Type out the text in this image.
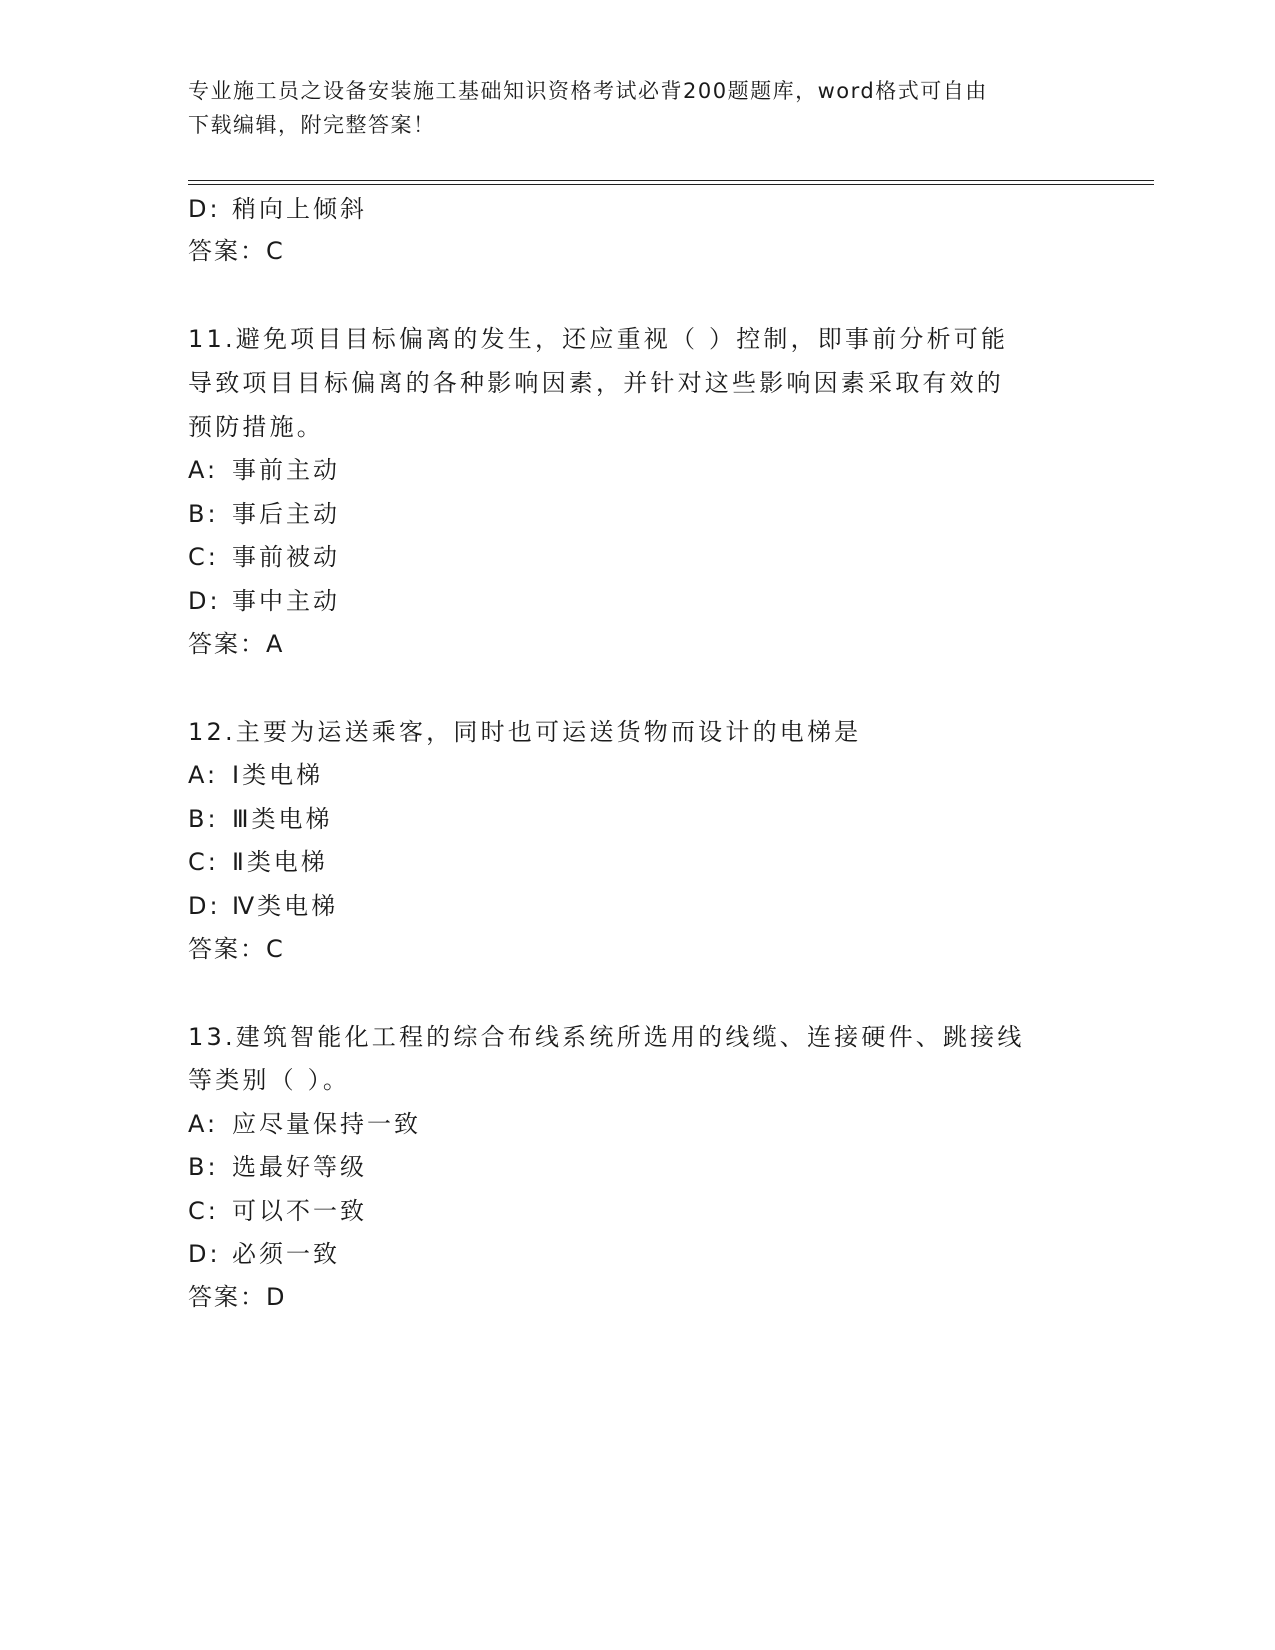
专业施工员之设备安装施工基础知识资格考试必背200题题库，word格式可自由
下载编辑，附完整答案！

D: 稍向上倾斜
答案：C
11.避免项目目标偏离的发生，还应重视（ ）控制，即事前分析可能
导致项目目标偏离的各种影响因素，并针对这些影响因素采取有效的
预防措施。
A: 事前主动
B: 事后主动
C: 事前被动
D: 事中主动
答案：A
12.主要为运送乘客，同时也可运送货物而设计的电梯是
A: Ⅰ类电梯
B: Ⅲ类电梯
C: Ⅱ类电梯
D: Ⅳ类电梯
答案：C
13.建筑智能化工程的综合布线系统所选用的线缆、连接硬件、跳接线
等类别（ ）。
A: 应尽量保持一致
B: 选最好等级
C: 可以不一致
D: 必须一致
答案：D
